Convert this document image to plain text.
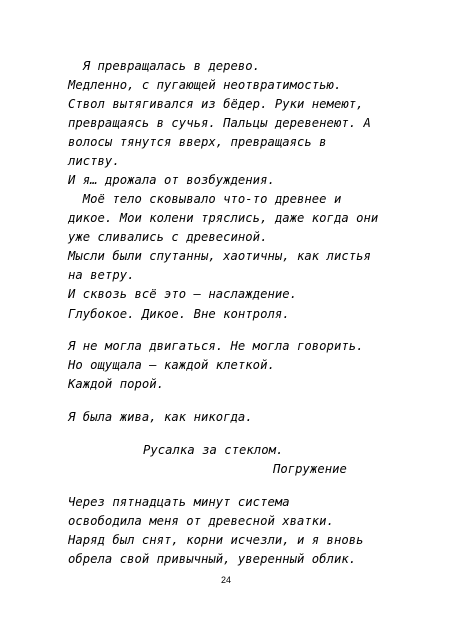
Я превращалась в дерево.
Медленно, с пугающей неотвратимостью.
Ствол вытягивался из бёдер. Руки немеют,
превращаясь в сучья. Пальцы деревенеют. А
волосы тянутся вверх, превращаясь в
листву.
И я… дрожала от возбуждения.
Моё тело сковывало что-то древнее и
дикое. Мои колени тряслись, даже когда они
уже сливались с древесиной.
Мысли были спутанны, хаотичны, как листья
на ветру.
И сквозь всё это – наслаждение.
Глубокое. Дикое. Вне контроля.
Я не могла двигаться. Не могла говорить.
Но ощущала – каждой клеткой.
Каждой порой.
Я была жива, как никогда.
Русалка за стеклом.
Погружение
Через пятнадцать минут система
освободила меня от древесной хватки.
Наряд был снят, корни исчезли, и я вновь
обрела свой привычный, уверенный облик.
24
